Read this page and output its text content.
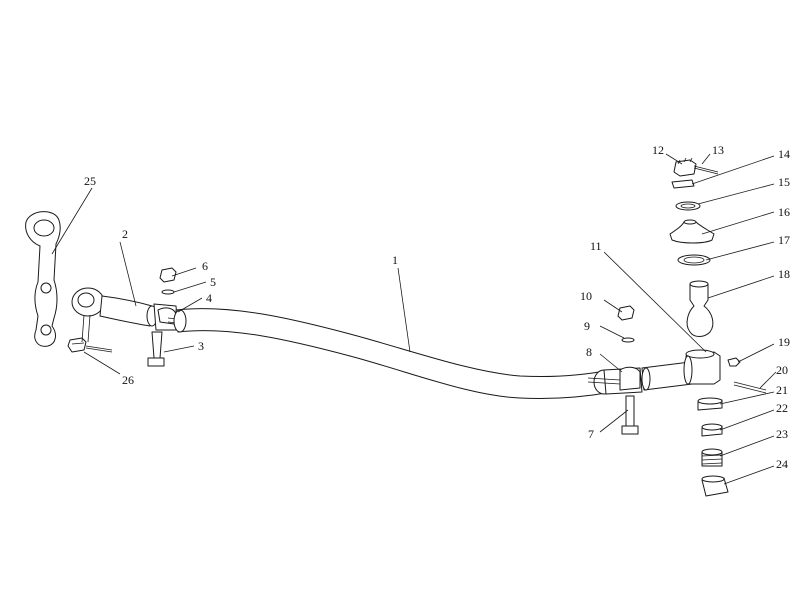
25
2
1
6
5
4
3
26
10
9
8
7
11
12	13	14
15
16
17
18
19
20
21
22
23
24
